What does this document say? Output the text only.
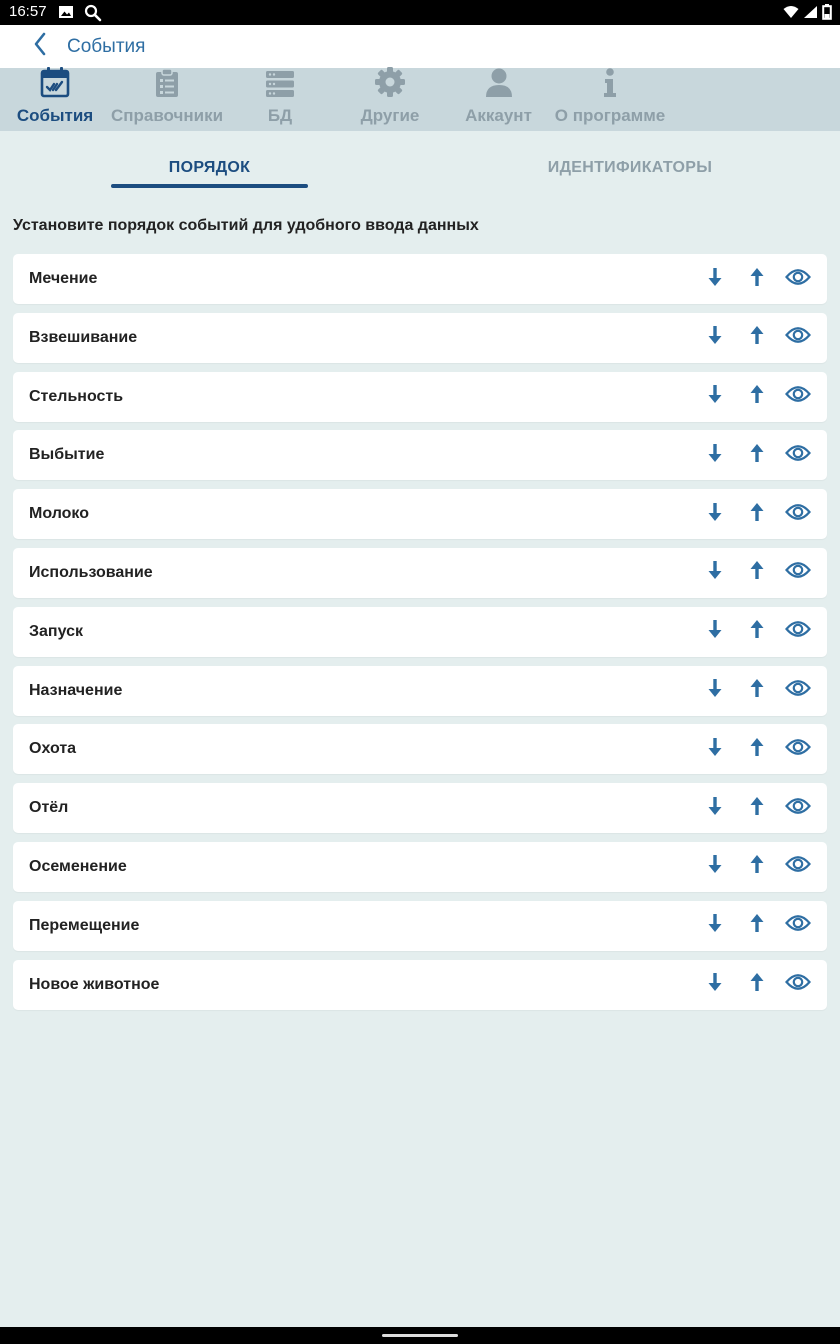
16:57
События
События Справочники	БД	Другие	Аккаунт О программе
ПОРЯДОК	ИДЕНТИФИКАТОРЫ
Установите порядок событий для удобного ввода данных
Мечение
Взвешивание
Стельность
Выбытие
Молоко
Использование
Запуск
Назначение
Охота
Отёл
Осеменение
Перемещение
Новое животное
